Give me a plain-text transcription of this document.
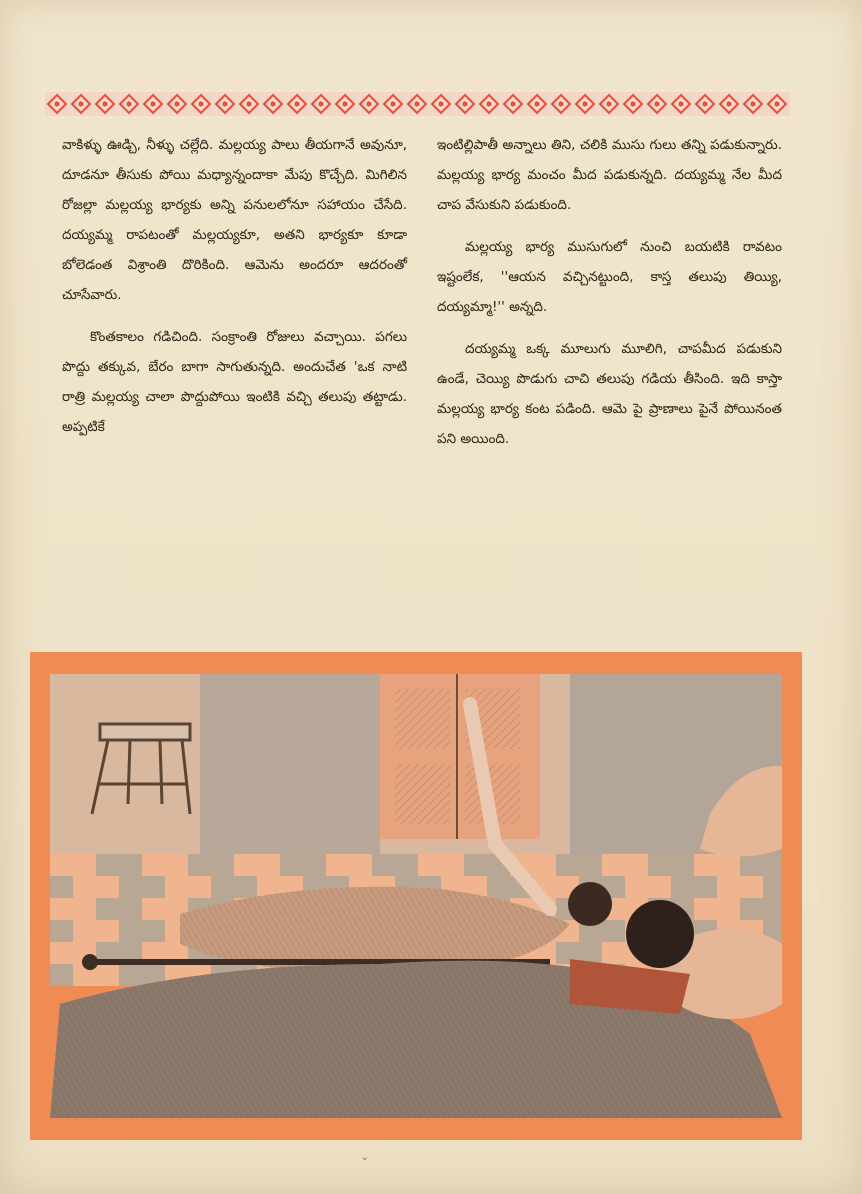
వాకిళ్ళు ఊడ్చి, నీళ్ళు చల్లేది. మల్లయ్య పాలు తీయగానే అవునూ, దూడనూ తీసుకు పోయి మధ్యాన్నందాకా మేపు కొచ్చేది. మిగిలిన రోజల్లా మల్లయ్య భార్యకు అన్ని పనులలోనూ సహాయం చేసేది. దయ్యమ్మ రాపటంతో మల్లయ్యకూ, అతని భార్యకూ కూడా బోలెడంత విశ్రాంతి దొరికింది. ఆమెను అందరూ ఆదరంతో చూసేవారు.

కొంతకాలం గడిచింది. సంక్రాంతి రోజులు వచ్చాయి. పగలు పొద్దు తక్కువ, బేరం బాగా సాగుతున్నది. అందుచేత 'ఒక నాటి రాత్రి మల్లయ్య చాలా పొద్దుపోయి ఇంటికి వచ్చి తలుపు తట్టాడు. అప్పటికే

ఇంటిల్లిపాతీ అన్నాలు తిని, చలికి ముసు గులు తన్ని పడుకున్నారు. మల్లయ్య భార్య మంచం మీద పడుకున్నది. దయ్యమ్మ నేల మీద చాప వేసుకుని పడుకుంది.

మల్లయ్య భార్య ముసుగులో నుంచి బయటికి రావటం ఇష్టంలేక, ''ఆయన వచ్చినట్టుంది, కాస్త తలుపు తియ్యి, దయ్యమ్మా!'' అన్నది.

దయ్యమ్మ ఒక్క మూలుగు మూలిగి, చాపమీద పడుకుని ఉండే, చెయ్యి పొడుగు చాచి తలుపు గడియ తీసింది. ఇది కాస్తా మల్లయ్య భార్య కంట పడింది. ఆమె పై ప్రాణాలు పైనే పోయినంత పని అయింది.

⌄
